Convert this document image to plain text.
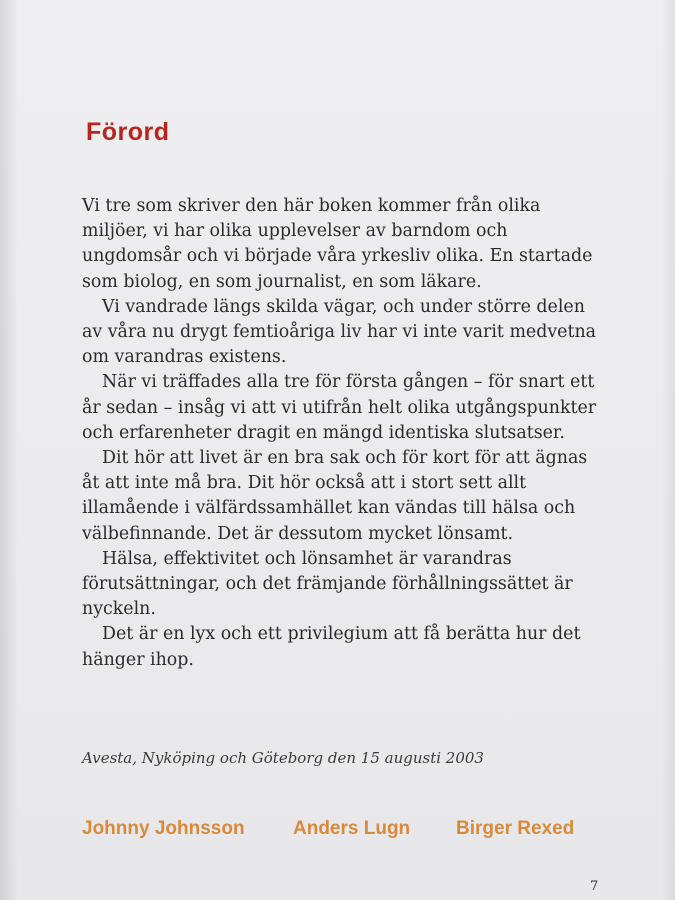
Förord

Vi tre som skriver den här boken kommer från olika miljöer, vi har olika upplevelser av barndom och ungdomsår och vi började våra yrkesliv olika. En startade som biolog, en som journalist, en som läkare.

Vi vandrade längs skilda vägar, och under större delen av våra nu drygt femtioåriga liv har vi inte varit medvetna om varandras existens.

När vi träffades alla tre för första gången – för snart ett år sedan – insåg vi att vi utifrån helt olika utgångspunkter och erfarenheter dragit en mängd identiska slutsatser.

Dit hör att livet är en bra sak och för kort för att ägnas åt att inte må bra. Dit hör också att i stort sett allt illamående i välfärdssamhället kan vändas till hälsa och välbefinnande. Det är dessutom mycket lönsamt.

Hälsa, effektivitet och lönsamhet är varandras förutsättningar, och det främjande förhållningssättet är nyckeln.

Det är en lyx och ett privilegium att få berätta hur det hänger ihop.

Avesta, Nyköping och Göteborg den 15 augusti 2003

Johnny Johnsson	Anders Lugn Birger Rexed

7
